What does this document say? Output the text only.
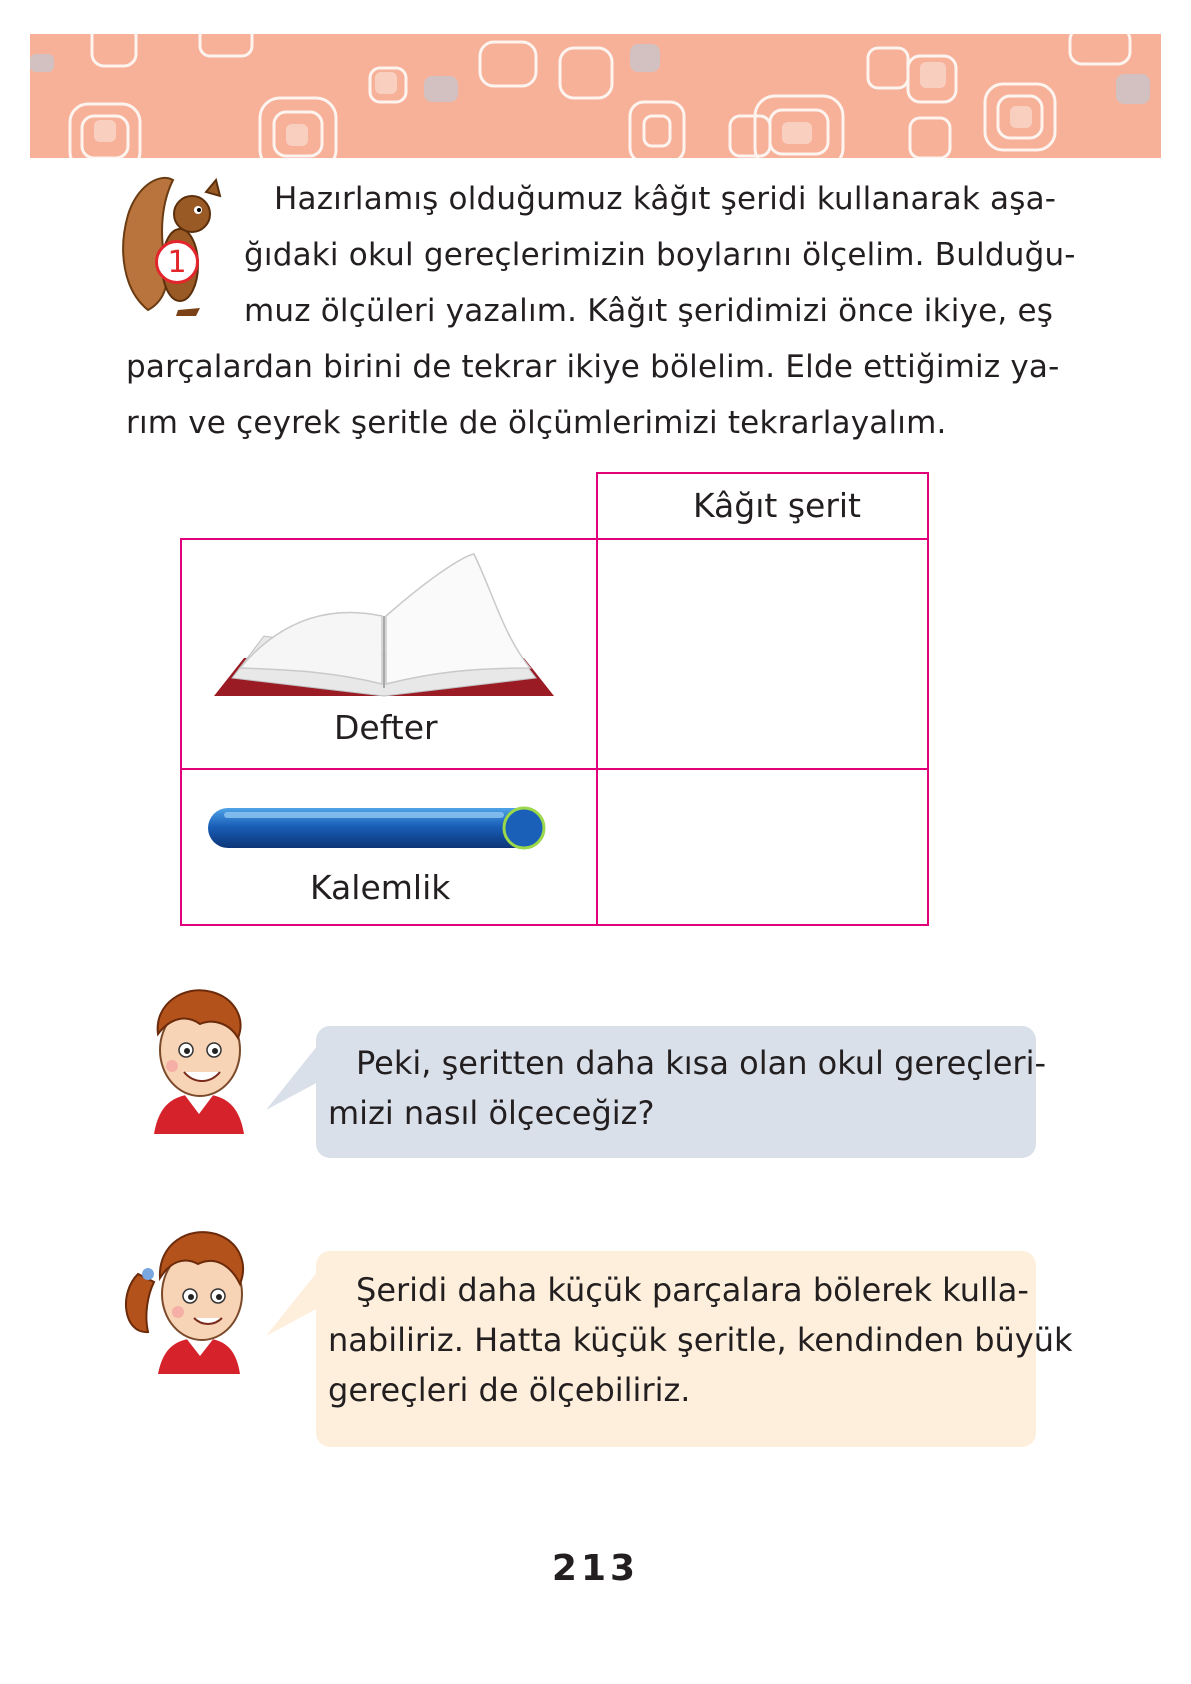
1
Hazırlamış olduğumuz kâğıt şeridi kullanarak aşa-
ğıdaki okul gereçlerimizin boylarını ölçelim. Bulduğu-
muz ölçüleri yazalım. Kâğıt şeridimizi önce ikiye, eş
parçalardan birini de tekrar ikiye bölelim. Elde ettiğimiz ya-
rım ve çeyrek şeritle de ölçümlerimizi tekrarlayalım.
Kâğıt şerit
Defter
Kalemlik
Peki, şeritten daha kısa olan okul gereçleri-
mizi nasıl ölçeceğiz?
Şeridi daha küçük parçalara bölerek kulla-
nabiliriz. Hatta küçük şeritle, kendinden büyük
gereçleri de ölçebiliriz.
213
